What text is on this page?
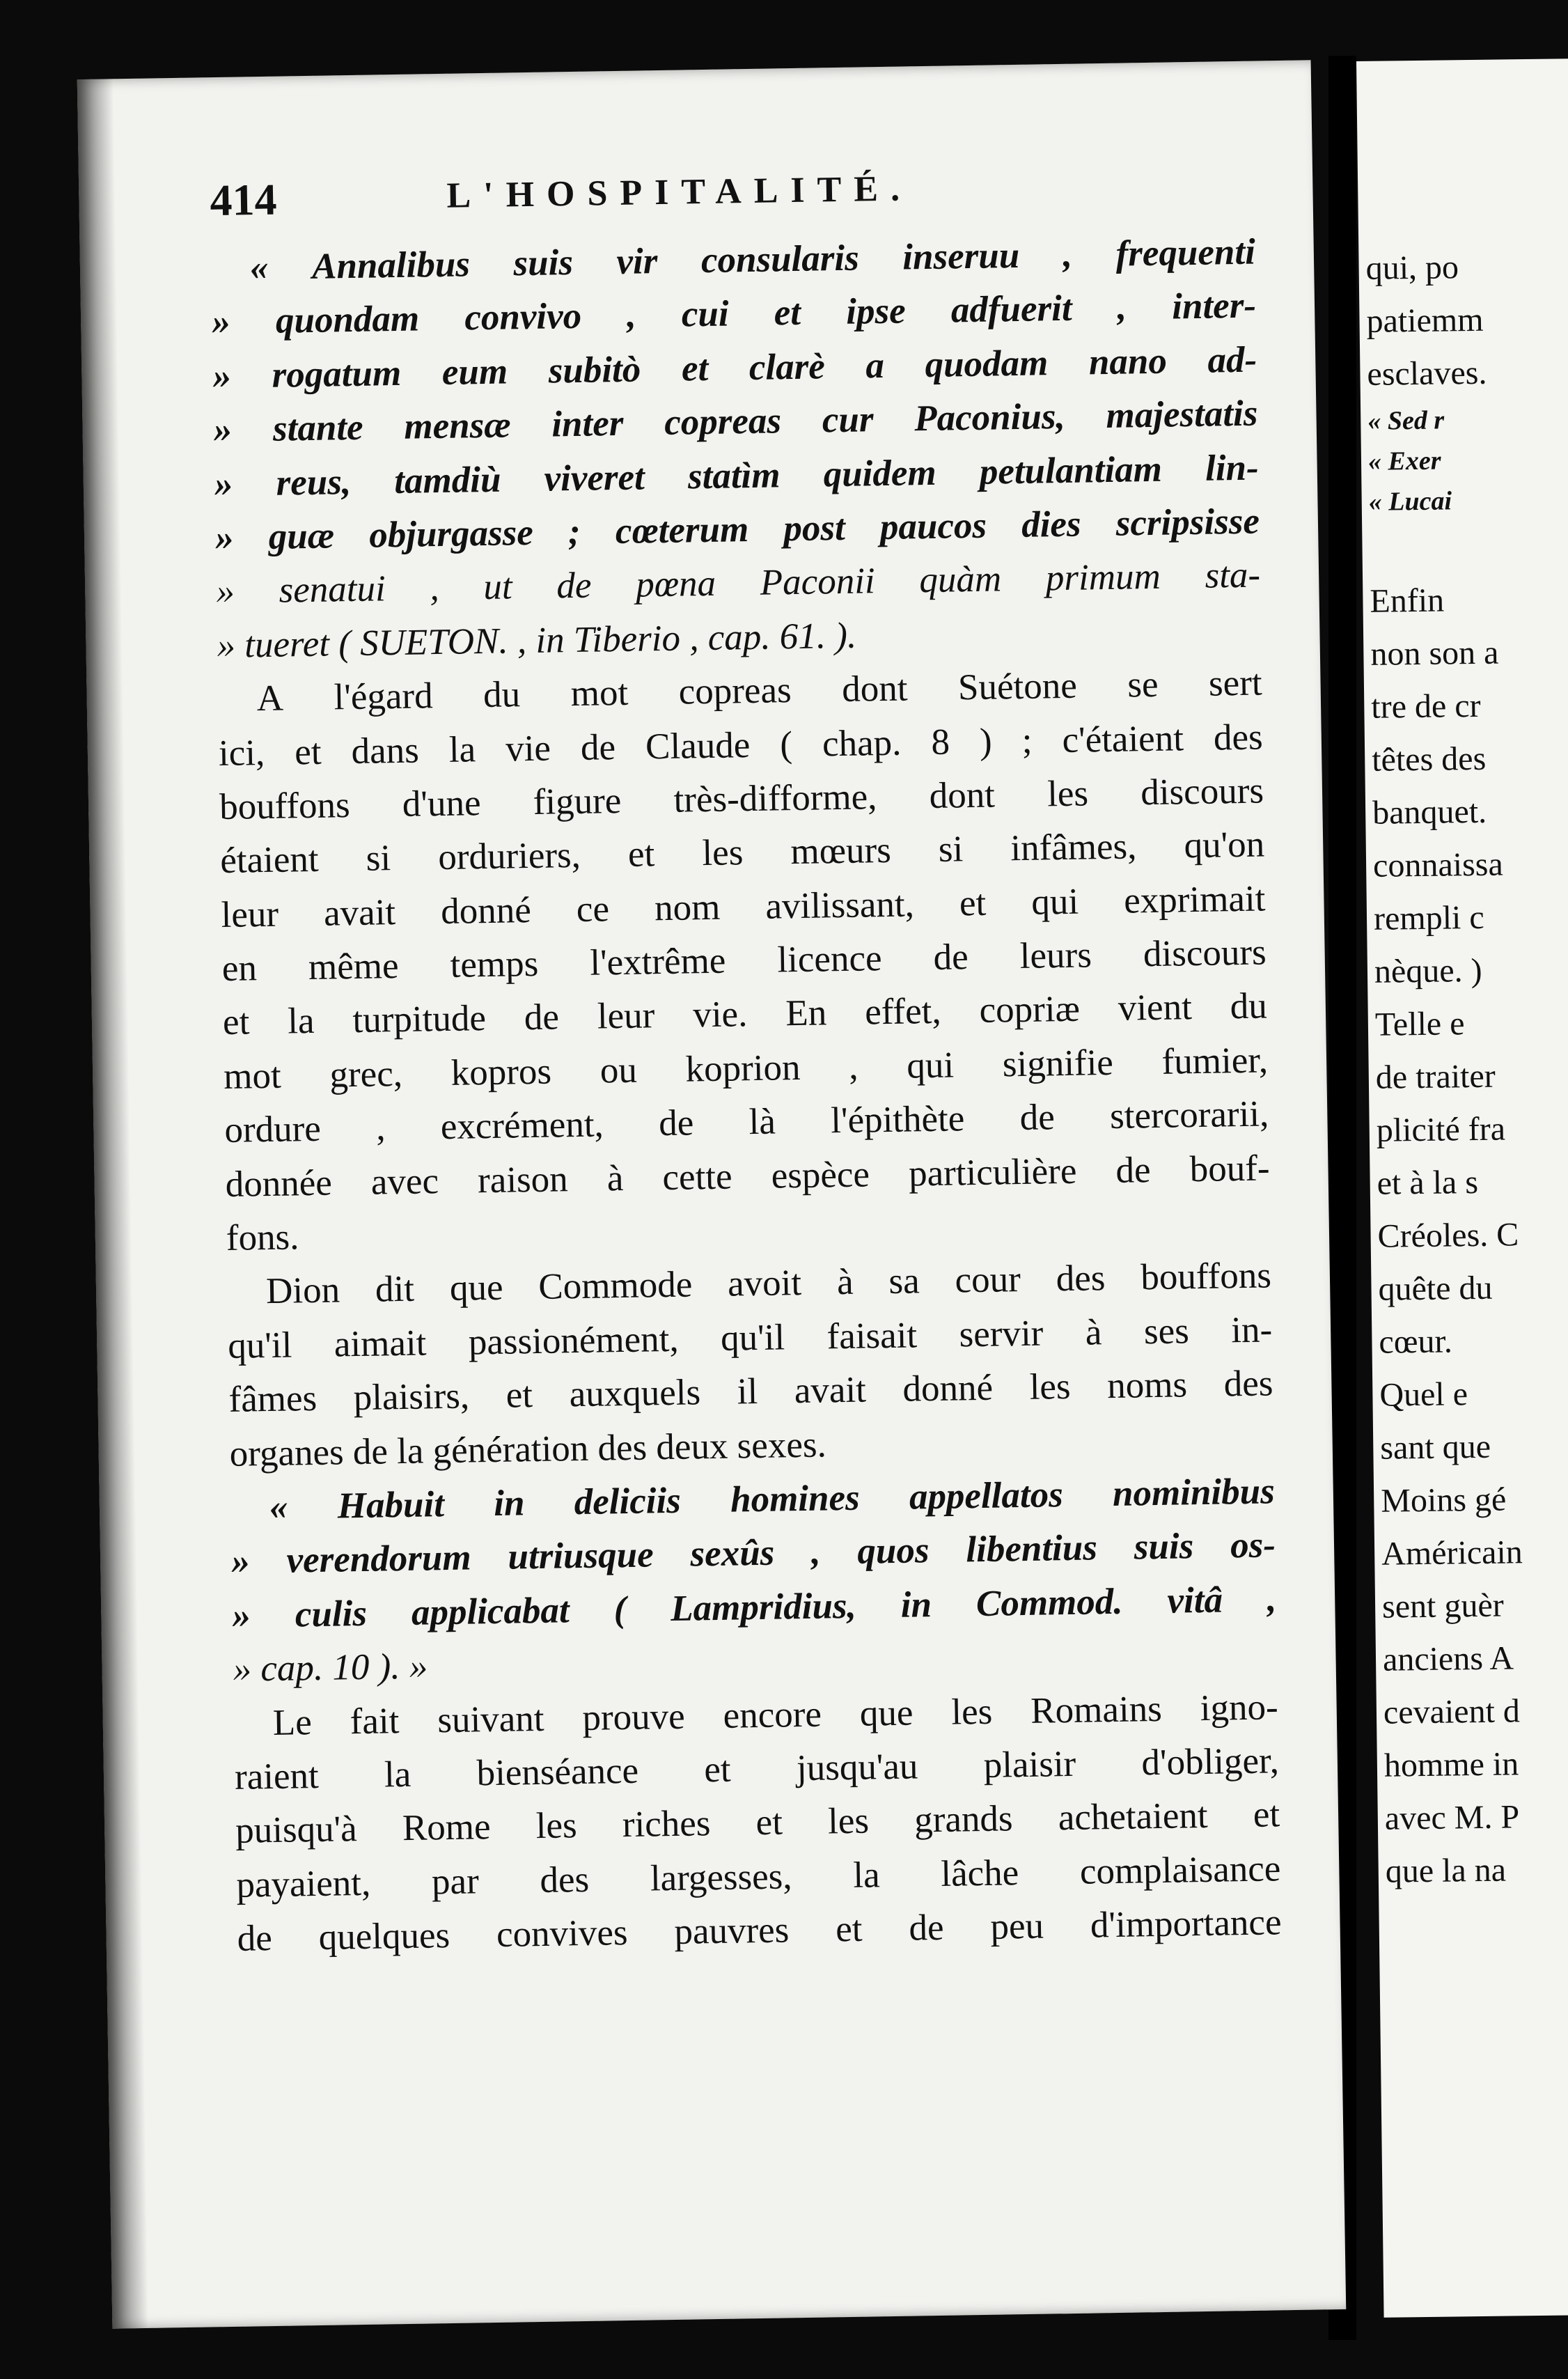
414	L'HOSPITALITÉ.
« Annalibus suis vir consularis inseruu , frequenti
» quondam convivo , cui et ipse adfuerit , inter-
» rogatum eum subitò et clarè a quodam nano ad-
» stante mensæ inter copreas cur Paconius, majestatis
» reus, tamdiù viveret statìm quidem petulantiam lin-
» guæ objurgasse ; cœterum post paucos dies scripsisse
» senatui , ut de pœna Paconii quàm primum sta-
» tueret ( SUETON. , in Tiberio , cap. 61. ).
A l'égard du mot copreas dont Suétone se sert
ici, et dans la vie de Claude ( chap. 8 ) ; c'étaient des
bouffons d'une figure très-difforme, dont les discours
étaient si orduriers, et les mœurs si infâmes, qu'on
leur avait donné ce nom avilissant, et qui exprimait
en même temps l'extrême licence de leurs discours
et la turpitude de leur vie. En effet, copriæ vient du
mot grec, kopros ou koprion , qui signifie fumier,
ordure , excrément, de là l'épithète de stercorarii,
donnée avec raison à cette espèce particulière de bouf-
fons.
Dion dit que Commode avoit à sa cour des bouffons
qu'il aimait passionément, qu'il faisait servir à ses in-
fâmes plaisirs, et auxquels il avait donné les noms des
organes de la génération des deux sexes.
« Habuit in deliciis homines appellatos nominibus
» verendorum utriusque sexûs , quos libentius suis os-
» culis applicabat ( Lampridius, in Commod. vitâ ,
» cap. 10 ). »
Le fait suivant prouve encore que les Romains igno-
raient la bienséance et jusqu'au plaisir d'obliger,
puisqu'à Rome les riches et les grands achetaient et
payaient, par des largesses, la lâche complaisance
de quelques convives pauvres et de peu d'importance
qui, po
patiemm
esclaves.
« Sed r
« Exer
« Lucai
Enfin
non son a
tre de cr
têtes des
banquet.
connaissa
rempli c
nèque. )
Telle e
de traiter
plicité fra
et à la s
Créoles. C
quête du
cœur.
Quel e
sant que
Moins gé
Américain
sent guèr
anciens A
cevaient d
homme in
avec M. P
que la na
